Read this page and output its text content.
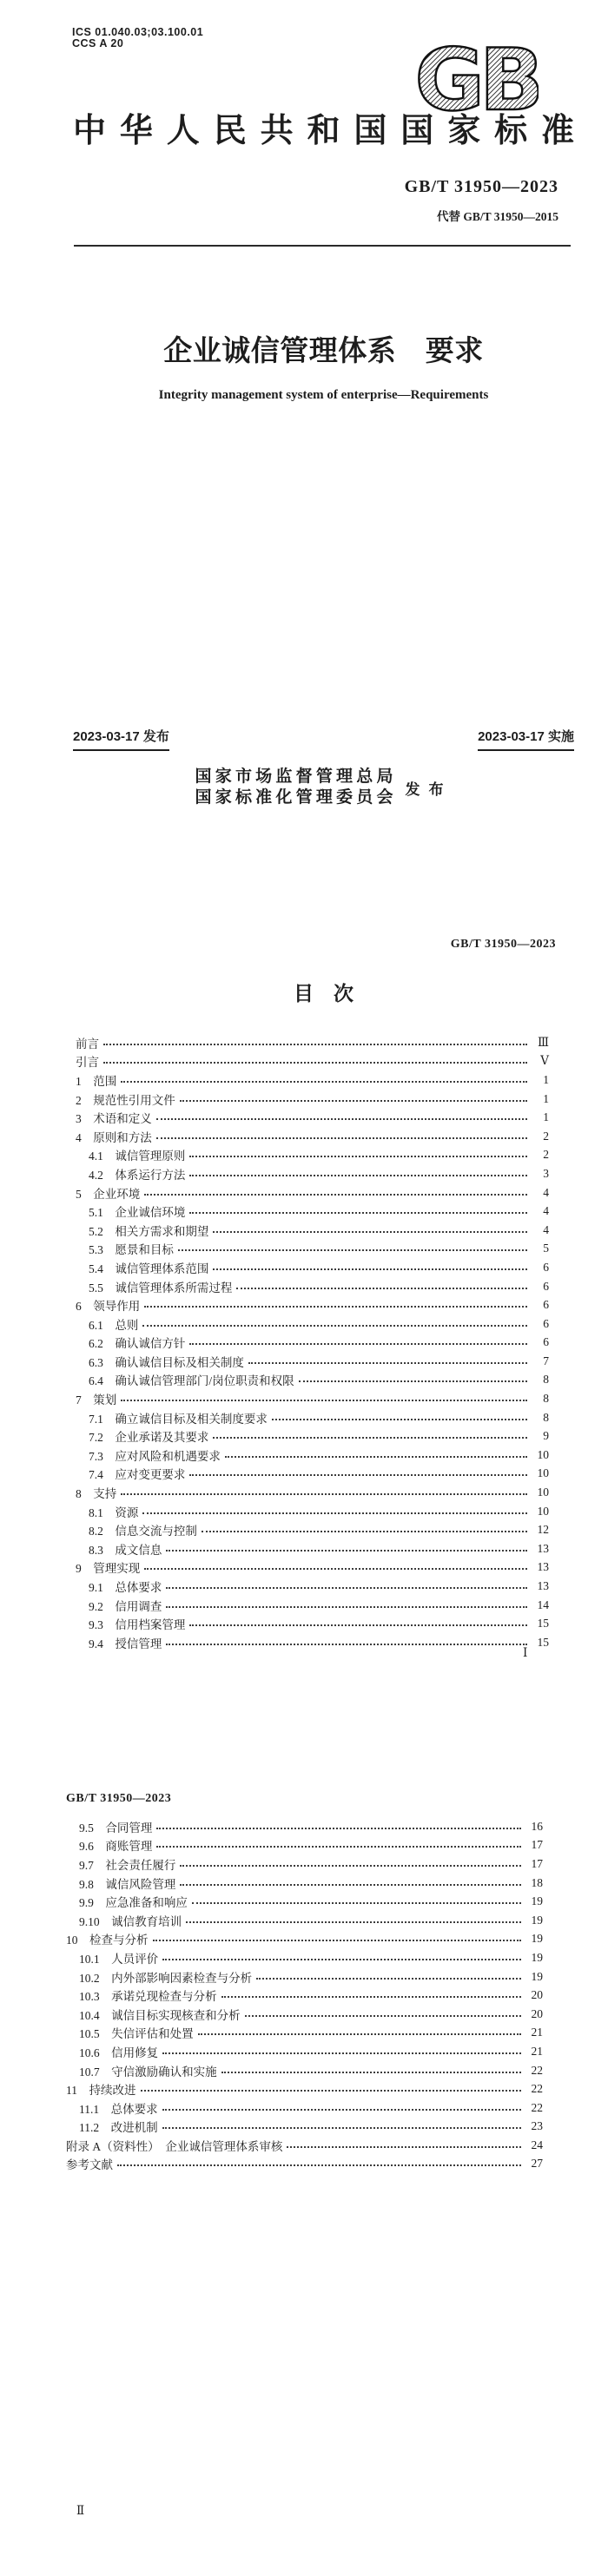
ICS 01.040.03;03.100.01
CCS A 20	GB
中华人民共和国国家标准
GB/T 31950—2023
代替 GB/T 31950—2015
企业诚信管理体系　要求
Integrity management system of enterprise—Requirements
2023-03-17 发布	2023-03-17 实施
国家市场监督管理总局
国家标准化管理委员会 发布
GB/T 31950—2023
目　次
前言	Ⅲ
引言	Ⅴ
1　范围	1
2　规范性引用文件	1
3　术语和定义	1
4　原则和方法	2
4.1　诚信管理原则	2
4.2　体系运行方法	3
5　企业环境	4
5.1　企业诚信环境	4
5.2　相关方需求和期望	4
5.3　愿景和目标	5
5.4　诚信管理体系范围	6
5.5　诚信管理体系所需过程	6
6　领导作用	6
6.1　总则	6
6.2　确认诚信方针	6
6.3　确认诚信目标及相关制度	7
6.4　确认诚信管理部门/岗位职责和权限	8
7　策划	8
7.1　确立诚信目标及相关制度要求	8
7.2　企业承诺及其要求	9
7.3　应对风险和机遇要求	10
7.4　应对变更要求	10
8　支持	10
8.1　资源	10
8.2　信息交流与控制	12
8.3　成文信息	13
9　管理实现	13
9.1　总体要求	13
9.2　信用调查	14
9.3　信用档案管理	15
9.4　授信管理	15
Ⅰ
GB/T 31950—2023
9.5　合同管理	16
9.6　商账管理	17
9.7　社会责任履行	17
9.8　诚信风险管理	18
9.9　应急准备和响应	19
9.10　诚信教育培训	19
10　检查与分析	19
10.1　人员评价	19
10.2　内外部影响因素检查与分析	19
10.3　承诺兑现检查与分析	20
10.4　诚信目标实现核查和分析	20
10.5　失信评估和处置	21
10.6　信用修复	21
10.7　守信激励确认和实施	22
11　持续改进	22
11.1　总体要求	22
11.2　改进机制	23
附录 A（资料性）　企业诚信管理体系审核	24
参考文献	27
Ⅱ
